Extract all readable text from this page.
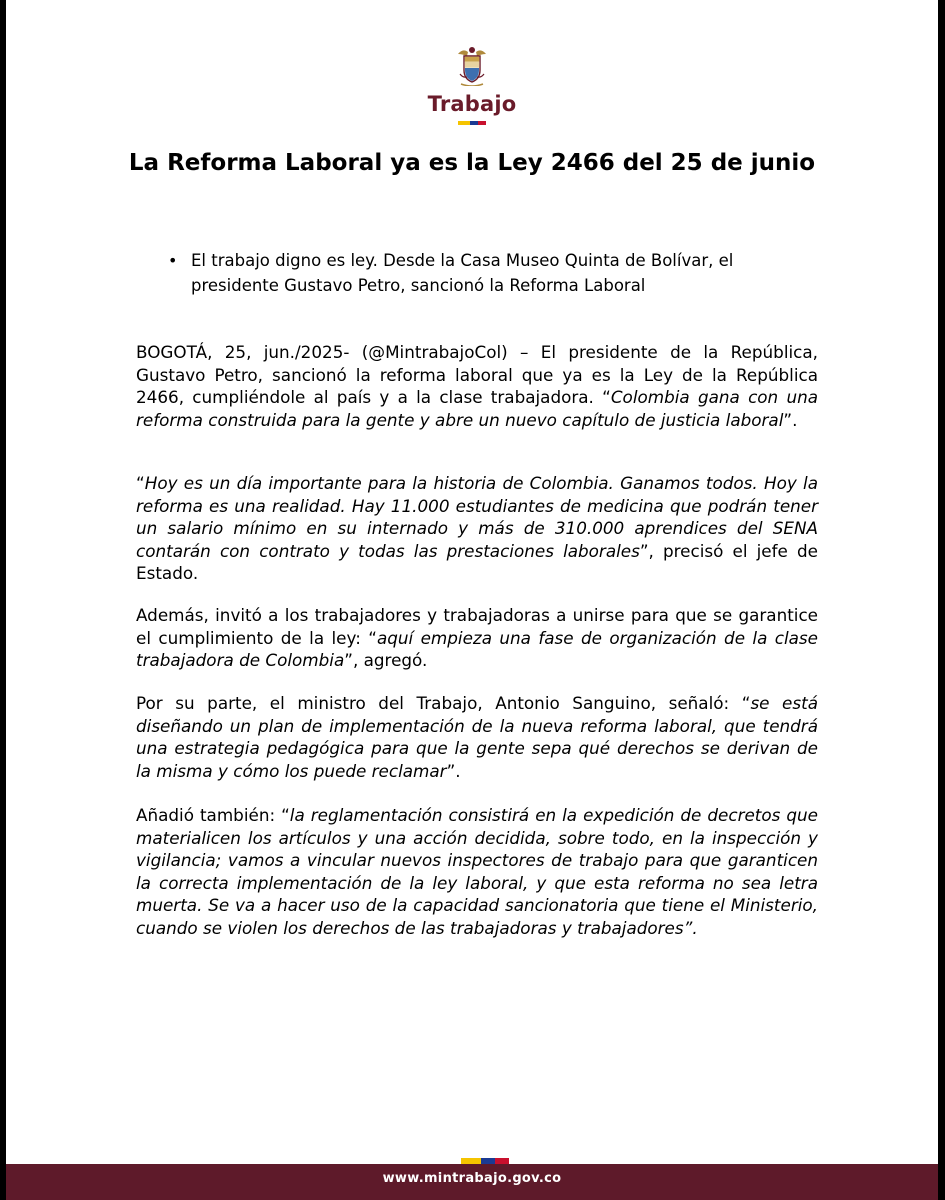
Trabajo
La Reforma Laboral ya es la Ley 2466 del 25 de junio
• El trabajo digno es ley. Desde la Casa Museo Quinta de Bolívar, el presidente Gustavo Petro, sancionó la Reforma Laboral

BOGOTÁ, 25, jun./2025- (@MintrabajoCol) – El presidente de la República, Gustavo Petro, sancionó la reforma laboral que ya es la Ley de la República 2466, cumpliéndole al país y a la clase trabajadora. “Colombia gana con una reforma construida para la gente y abre un nuevo capítulo de justicia laboral”.

“Hoy es un día importante para la historia de Colombia. Ganamos todos. Hoy la reforma es una realidad. Hay 11.000 estudiantes de medicina que podrán tener un salario mínimo en su internado y más de 310.000 aprendices del SENA contarán con contrato y todas las prestaciones laborales”, precisó el jefe de Estado.

Además, invitó a los trabajadores y trabajadoras a unirse para que se garantice el cumplimiento de la ley: “aquí empieza una fase de organización de la clase trabajadora de Colombia”, agregó.

Por su parte, el ministro del Trabajo, Antonio Sanguino, señaló: “se está diseñando un plan de implementación de la nueva reforma laboral, que tendrá una estrategia pedagógica para que la gente sepa qué derechos se derivan de la misma y cómo los puede reclamar”.

Añadió también: “la reglamentación consistirá en la expedición de decretos que materialicen los artículos y una acción decidida, sobre todo, en la inspección y vigilancia; vamos a vincular nuevos inspectores de trabajo para que garanticen la correcta implementación de la ley laboral, y que esta reforma no sea letra muerta. Se va a hacer uso de la capacidad sancionatoria que tiene el Ministerio, cuando se violen los derechos de las trabajadoras y trabajadores”.

www.mintrabajo.gov.co
